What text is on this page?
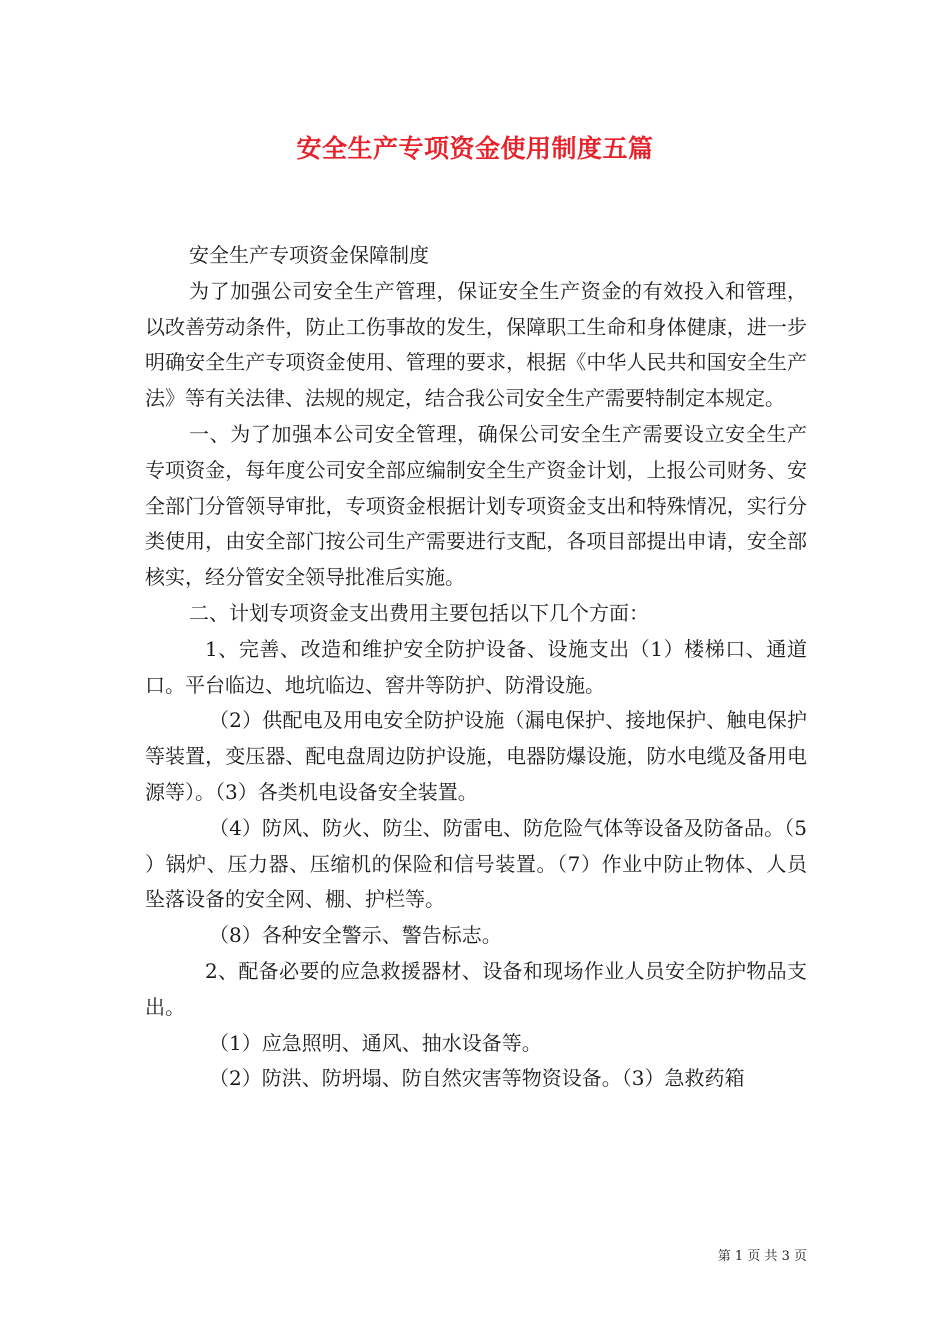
安全生产专项资金使用制度五篇

安全生产专项资金保障制度

为了加强公司安全生产管理，保证安全生产资金的有效投入和管理，以改善劳动条件，防止工伤事故的发生，保障职工生命和身体健康，进一步明确安全生产专项资金使用、管理的要求，根据《中华人民共和国安全生产法》等有关法律、法规的规定，结合我公司安全生产需要特制定本规定。

一、为了加强本公司安全管理，确保公司安全生产需要设立安全生产专项资金，每年度公司安全部应编制安全生产资金计划，上报公司财务、安全部门分管领导审批，专项资金根据计划专项资金支出和特殊情况，实行分类使用，由安全部门按公司生产需要进行支配，各项目部提出申请，安全部核实，经分管安全领导批准后实施。

二、计划专项资金支出费用主要包括以下几个方面：

1、完善、改造和维护安全防护设备、设施支出（1）楼梯口、通道口。平台临边、地坑临边、窖井等防护、防滑设施。

（2）供配电及用电安全防护设施（漏电保护、接地保护、触电保护等装置，变压器、配电盘周边防护设施，电器防爆设施，防水电缆及备用电源等）。（3）各类机电设备安全装置。

（4）防风、防火、防尘、防雷电、防危险气体等设备及防备品。（5）锅炉、压力器、压缩机的保险和信号装置。（7）作业中防止物体、人员坠落设备的安全网、棚、护栏等。

（8）各种安全警示、警告标志。

2、配备必要的应急救援器材、设备和现场作业人员安全防护物品支出。

（1）应急照明、通风、抽水设备等。

（2）防洪、防坍塌、防自然灾害等物资设备。（3）急救药箱

第 1 页 共 3 页
